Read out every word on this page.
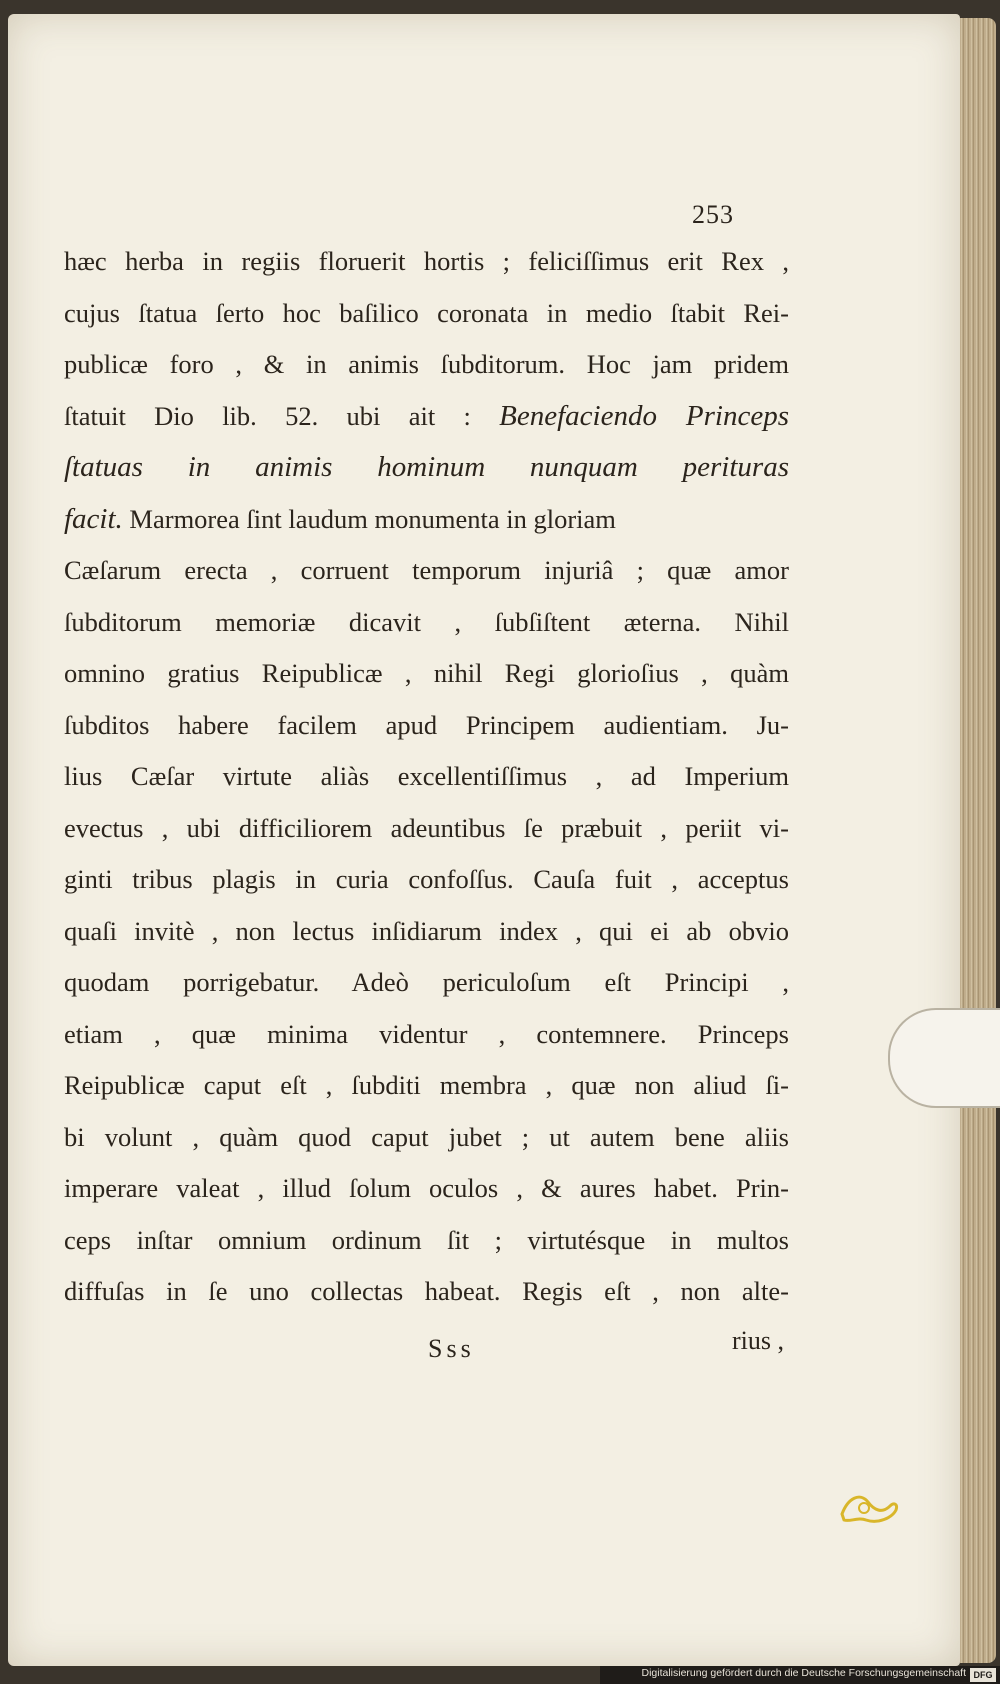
253
hæc herba in regiis floruerit hortis ; feliciſſimus erit Rex ,
cujus ſtatua ſerto hoc baſilico coronata in medio ſtabit Rei-
publicæ foro , & in animis ſubditorum. Hoc jam pridem
ſtatuit Dio lib. 52. ubi ait : Benefaciendo Princeps
ſtatuas in animis hominum nunquam perituras
facit. Marmorea ſint laudum monumenta in gloriam
Cæſarum erecta , corruent temporum injuriâ ; quæ amor
ſubditorum memoriæ dicavit , ſubſiſtent æterna. Nihil
omnino gratius Reipublicæ , nihil Regi glorioſius , quàm
ſubditos habere facilem apud Principem audientiam. Ju-
lius Cæſar virtute aliàs excellentiſſimus , ad Imperium
evectus , ubi difficiliorem adeuntibus ſe præbuit , periit vi-
ginti tribus plagis in curia confoſſus. Cauſa fuit , acceptus
quaſi invitè , non lectus inſidiarum index , qui ei ab obvio
quodam porrigebatur. Adeò periculoſum eſt Principi ,
etiam , quæ minima videntur , contemnere. Princeps
Reipublicæ caput eſt , ſubditi membra , quæ non aliud ſi-
bi volunt , quàm quod caput jubet ; ut autem bene aliis
imperare valeat , illud ſolum oculos , & aures habet. Prin-
ceps inſtar omnium ordinum ſit ; virtutésque in multos
diffuſas in ſe uno collectas habeat. Regis eſt , non alte-
Sss	rius ,
Digitalisierung gefördert durch die Deutsche Forschungsgemeinschaft DFG
